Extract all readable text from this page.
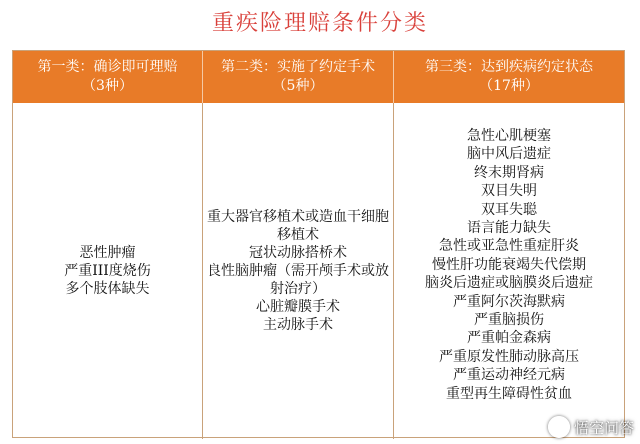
重疾险理赔条件分类
第一类：确诊即可理赔
（3种）
第二类：实施了约定手术
（5种）
第三类：达到疾病约定状态
（17种）
恶性肿瘤
严重III度烧伤
多个肢体缺失
重大器官移植术或造血干细胞
移植术
冠状动脉搭桥术
良性脑肿瘤（需开颅手术或放
射治疗）
心脏瓣膜手术
主动脉手术
急性心肌梗塞
脑中风后遗症
终末期肾病
双目失明
双耳失聪
语言能力缺失
急性或亚急性重症肝炎
慢性肝功能衰竭失代偿期
脑炎后遗症或脑膜炎后遗症
严重阿尔茨海默病
严重脑损伤
严重帕金森病
严重原发性肺动脉高压
严重运动神经元病
重型再生障碍性贫血
悟空问答
